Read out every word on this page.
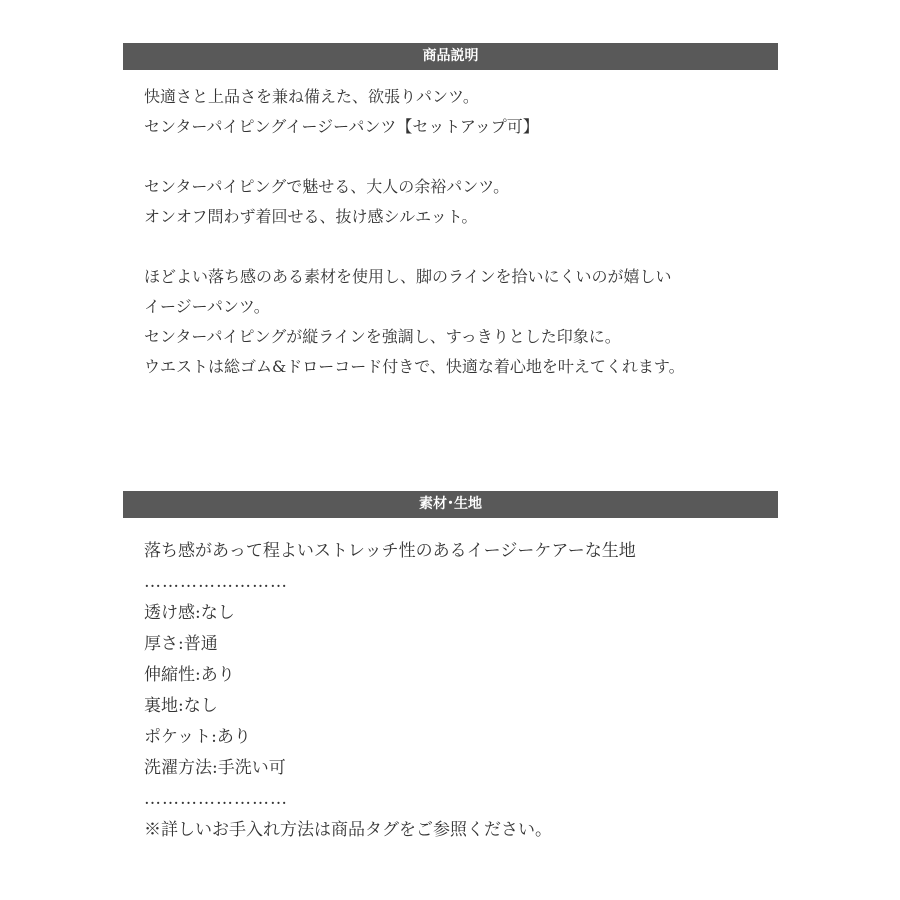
商品説明
快適さと上品さを兼ね備えた、欲張りパンツ。
センターパイピングイージーパンツ【セットアップ可】
センターパイピングで魅せる、大人の余裕パンツ。
オンオフ問わず着回せる、抜け感シルエット。
ほどよい落ち感のある素材を使用し、脚のラインを拾いにくいのが嬉しい
イージーパンツ。
センターパイピングが縦ラインを強調し、すっきりとした印象に。
ウエストは総ゴム&ドローコード付きで、快適な着心地を叶えてくれます。
素材･生地
落ち感があって程よいストレッチ性のあるイージーケアーな生地
……………………
透け感:なし
厚さ:普通
伸縮性:あり
裏地:なし
ポケット:あり
洗濯方法:手洗い可
……………………
※詳しいお手入れ方法は商品タグをご参照ください。
